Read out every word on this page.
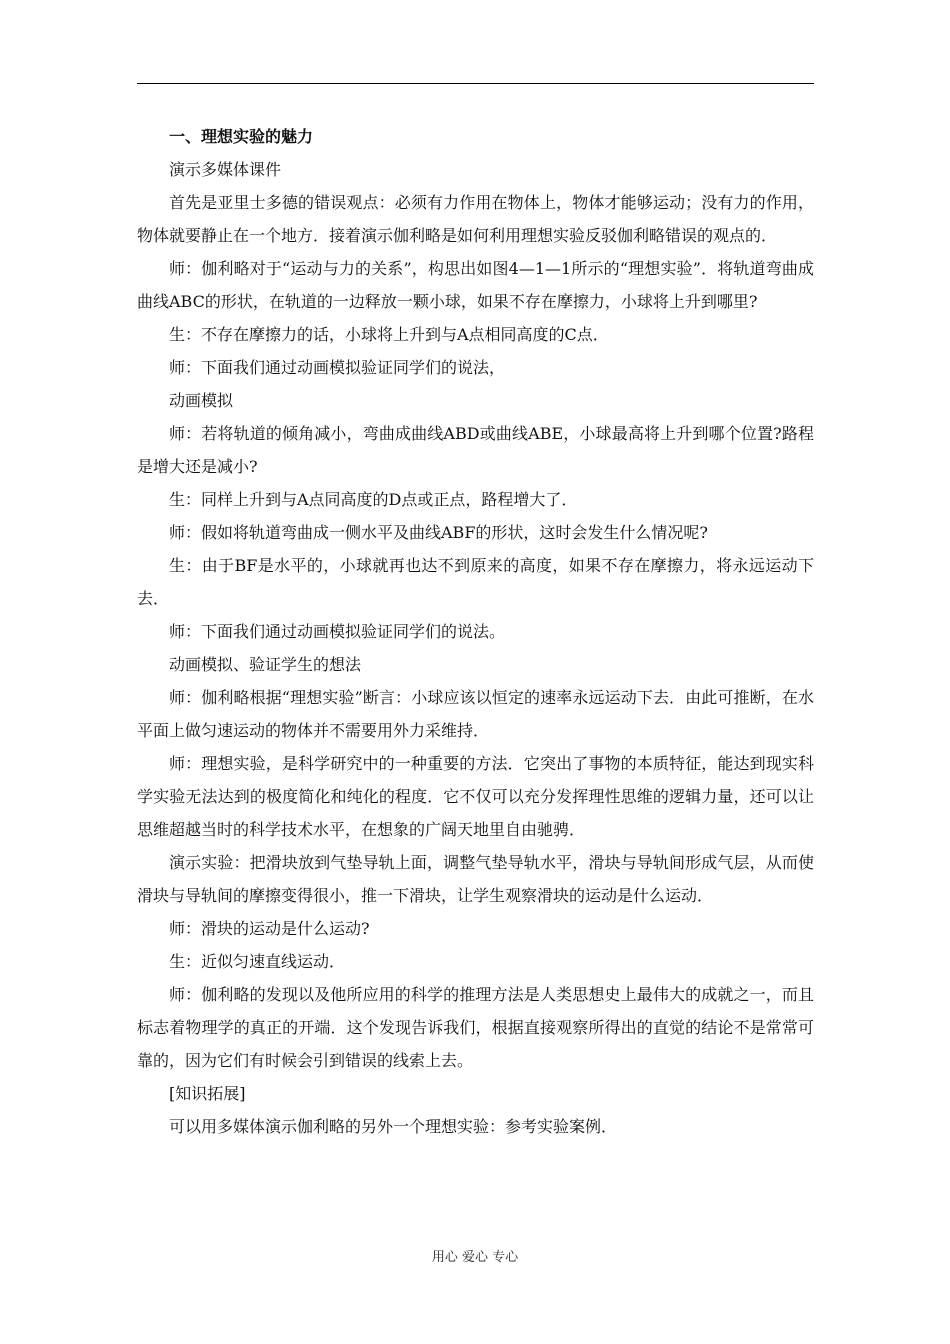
一、理想实验的魅力

演示多媒体课件

首先是亚里士多德的错误观点：必须有力作用在物体上，物体才能够运动；没有力的作用，物体就要静止在一个地方．接着演示伽利略是如何利用理想实验反驳伽利略错误的观点的．

师：伽利略对于“运动与力的关系”，构思出如图4—1—1所示的“理想实验”．将轨道弯曲成曲线ABC的形状，在轨道的一边释放一颗小球，如果不存在摩擦力，小球将上升到哪里?

生：不存在摩擦力的话，小球将上升到与A点相同高度的C点．

师：下面我们通过动画模拟验证同学们的说法，

动画模拟

师：若将轨道的倾角减小，弯曲成曲线ABD或曲线ABE，小球最高将上升到哪个位置?路程是增大还是减小?

生：同样上升到与A点同高度的D点或正点，路程增大了．

师：假如将轨道弯曲成一侧水平及曲线ABF的形状，这时会发生什么情况呢?

生：由于BF是水平的，小球就再也达不到原来的高度，如果不存在摩擦力，将永远运动下去．

师：下面我们通过动画模拟验证同学们的说法。

动画模拟、验证学生的想法

师：伽利略根据“理想实验”断言：小球应该以恒定的速率永远运动下去．由此可推断，在水平面上做匀速运动的物体并不需要用外力采维持．

师：理想实验，是科学研究中的一种重要的方法．它突出了事物的本质特征，能达到现实科学实验无法达到的极度简化和纯化的程度．它不仅可以充分发挥理性思维的逻辑力量，还可以让思维超越当时的科学技术水平，在想象的广阔天地里自由驰骋．

演示实验：把滑块放到气垫导轨上面，调整气垫导轨水平，滑块与导轨间形成气层，从而使滑块与导轨间的摩擦变得很小，推一下滑块，让学生观察滑块的运动是什么运动．

师：滑块的运动是什么运动?

生：近似匀速直线运动．

师：伽利略的发现以及他所应用的科学的推理方法是人类思想史上最伟大的成就之一，而且标志着物理学的真正的开端．这个发现告诉我们，根据直接观察所得出的直觉的结论不是常常可靠的，因为它们有时候会引到错误的线索上去。

[知识拓展]

可以用多媒体演示伽利略的另外一个理想实验：参考实验案例．

用心 爱心 专心
